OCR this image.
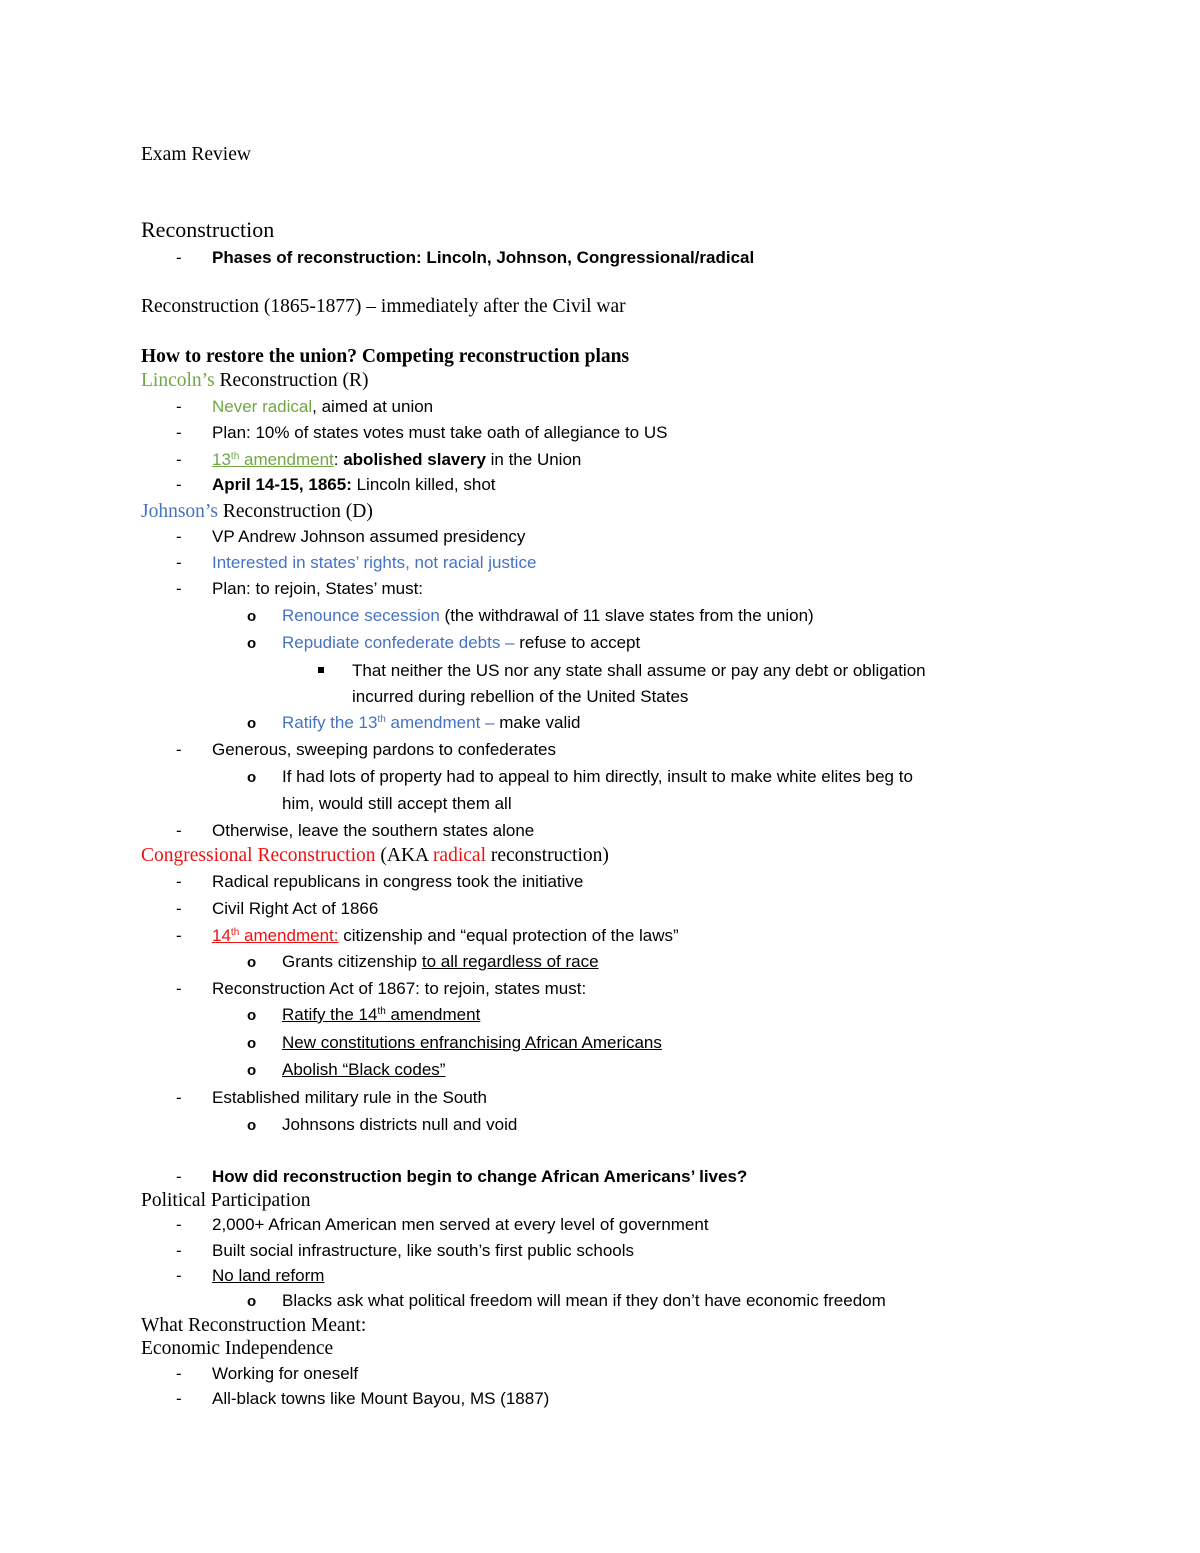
Exam Review
Reconstruction
- Phases of reconstruction: Lincoln, Johnson, Congressional/radical
Reconstruction (1865-1877) – immediately after the Civil war
How to restore the union? Competing reconstruction plans
Lincoln’s Reconstruction (R)
- Never radical, aimed at union
- Plan: 10% of states votes must take oath of allegiance to US
- 13th amendment: abolished slavery in the Union
- April 14-15, 1865: Lincoln killed, shot
Johnson’s Reconstruction (D)
- VP Andrew Johnson assumed presidency
- Interested in states’ rights, not racial justice
- Plan: to rejoin, States’ must:
o Renounce secession (the withdrawal of 11 slave states from the union)
o Repudiate confederate debts – refuse to accept
That neither the US nor any state shall assume or pay any debt or obligation
incurred during rebellion of the United States
o Ratify the 13th amendment – make valid
- Generous, sweeping pardons to confederates
o If had lots of property had to appeal to him directly, insult to make white elites beg to
him, would still accept them all
- Otherwise, leave the southern states alone
Congressional Reconstruction (AKA radical reconstruction)
- Radical republicans in congress took the initiative
- Civil Right Act of 1866
- 14th amendment: citizenship and “equal protection of the laws”
o Grants citizenship to all regardless of race
- Reconstruction Act of 1867: to rejoin, states must:
o Ratify the 14th amendment
o New constitutions enfranchising African Americans
o Abolish “Black codes”
- Established military rule in the South
o Johnsons districts null and void
- How did reconstruction begin to change African Americans’ lives?
Political Participation
- 2,000+ African American men served at every level of government
- Built social infrastructure, like south’s first public schools
- No land reform
o Blacks ask what political freedom will mean if they don’t have economic freedom
What Reconstruction Meant:
Economic Independence
- Working for oneself
- All-black towns like Mount Bayou, MS (1887)
